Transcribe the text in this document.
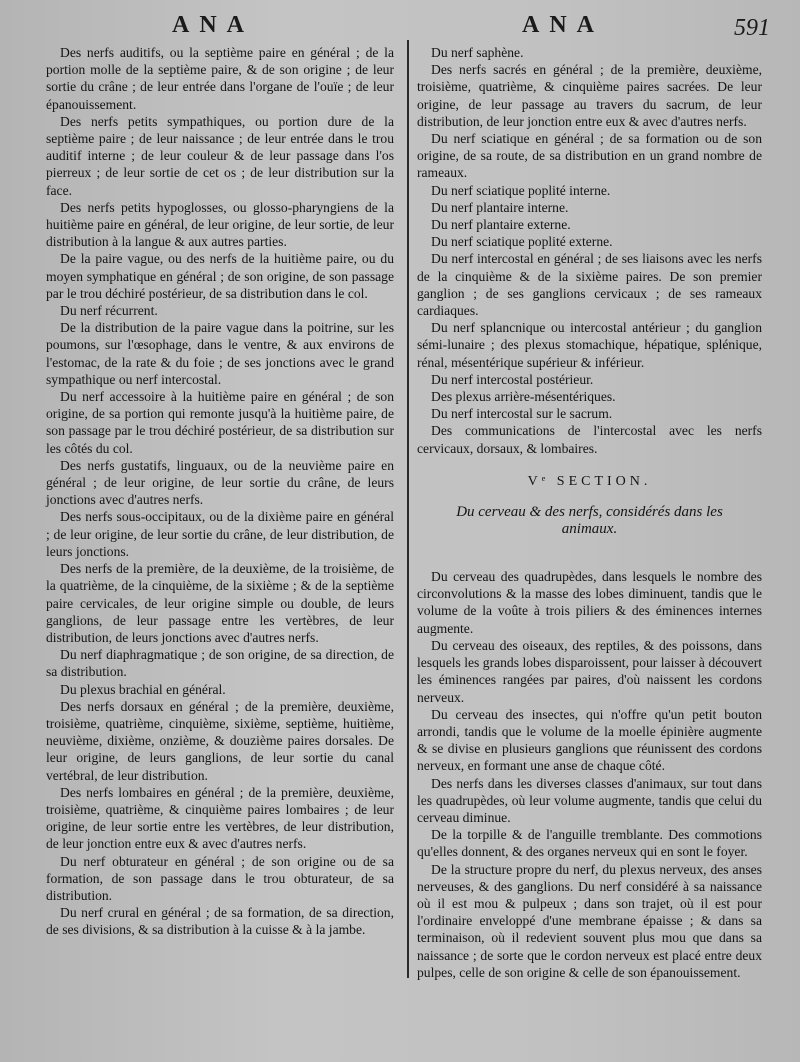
ANA	ANA	591

Des nerfs auditifs, ou la septième paire en général ; de la portion molle de la septième paire, & de son origine ; de leur sortie du crâne ; de leur entrée dans l'organe de l'ouïe ; de leur épanouissement.

Des nerfs petits sympathiques, ou portion dure de la septième paire ; de leur naissance ; de leur entrée dans le trou auditif interne ; de leur couleur & de leur passage dans l'os pierreux ; de leur sortie de cet os ; de leur distribution sur la face.

Des nerfs petits hypoglosses, ou glosso-pharyngiens de la huitième paire en général, de leur origine, de leur sortie, de leur distribution à la langue & aux autres parties.

De la paire vague, ou des nerfs de la huitième paire, ou du moyen symphatique en général ; de son origine, de son passage par le trou déchiré postérieur, de sa distribution dans le col.

Du nerf récurrent.

De la distribution de la paire vague dans la poitrine, sur les poumons, sur l'œsophage, dans le ventre, & aux environs de l'estomac, de la rate & du foie ; de ses jonctions avec le grand sympathique ou nerf intercostal.

Du nerf accessoire à la huitième paire en général ; de son origine, de sa portion qui remonte jusqu'à la huitième paire, de son passage par le trou déchiré postérieur, de sa distribution sur les côtés du col.

Des nerfs gustatifs, linguaux, ou de la neuvième paire en général ; de leur origine, de leur sortie du crâne, de leurs jonctions avec d'autres nerfs.

Des nerfs sous-occipitaux, ou de la dixième paire en général ; de leur origine, de leur sortie du crâne, de leur distribution, de leurs jonctions.

Des nerfs de la première, de la deuxième, de la troisième, de la quatrième, de la cinquième, de la sixième ; & de la septième paire cervicales, de leur origine simple ou double, de leurs ganglions, de leur passage entre les vertèbres, de leur distribution, de leurs jonctions avec d'autres nerfs.

Du nerf diaphragmatique ; de son origine, de sa direction, de sa distribution.

Du plexus brachial en général.

Des nerfs dorsaux en général ; de la première, deuxième, troisième, quatrième, cinquième, sixième, septième, huitième, neuvième, dixième, onzième, & douzième paires dorsales. De leur origine, de leurs ganglions, de leur sortie du canal vertébral, de leur distribution.

Des nerfs lombaires en général ; de la première, deuxième, troisième, quatrième, & cinquième paires lombaires ; de leur origine, de leur sortie entre les vertèbres, de leur distribution, de leur jonction entre eux & avec d'autres nerfs.

Du nerf obturateur en général ; de son origine ou de sa formation, de son passage dans le trou obturateur, de sa distribution.

Du nerf crural en général ; de sa formation, de sa direction, de ses divisions, & sa distribution à la cuisse & à la jambe.

Du nerf saphène.

Des nerfs sacrés en général ; de la première, deuxième, troisième, quatrième, & cinquième paires sacrées. De leur origine, de leur passage au travers du sacrum, de leur distribution, de leur jonction entre eux & avec d'autres nerfs.

Du nerf sciatique en général ; de sa formation ou de son origine, de sa route, de sa distribution en un grand nombre de rameaux.

Du nerf sciatique poplité interne.

Du nerf plantaire interne.

Du nerf plantaire externe.

Du nerf sciatique poplité externe.

Du nerf intercostal en général ; de ses liaisons avec les nerfs de la cinquième & de la sixième paires. De son premier ganglion ; de ses ganglions cervicaux ; de ses rameaux cardiaques.

Du nerf splancnique ou intercostal antérieur ; du ganglion sémi-lunaire ; des plexus stomachique, hépatique, splénique, rénal, mésentérique supérieur & inférieur.

Du nerf intercostal postérieur.

Des plexus arrière-mésentériques.

Du nerf intercostal sur le sacrum.

Des communications de l'intercostal avec les nerfs cervicaux, dorsaux, & lombaires.

Vᵉ SECTION.

Du cerveau & des nerfs, considérés dans les animaux.

Du cerveau des quadrupèdes, dans lesquels le nombre des circonvolutions & la masse des lobes diminuent, tandis que le volume de la voûte à trois piliers & des éminences internes augmente.

Du cerveau des oiseaux, des reptiles, & des poissons, dans lesquels les grands lobes disparoissent, pour laisser à découvert les éminences rangées par paires, d'où naissent les cordons nerveux.

Du cerveau des insectes, qui n'offre qu'un petit bouton arrondi, tandis que le volume de la moelle épinière augmente & se divise en plusieurs ganglions que réunissent des cordons nerveux, en formant une anse de chaque côté.

Des nerfs dans les diverses classes d'animaux, sur tout dans les quadrupèdes, où leur volume augmente, tandis que celui du cerveau diminue.

De la torpille & de l'anguille tremblante. Des commotions qu'elles donnent, & des organes nerveux qui en sont le foyer.

De la structure propre du nerf, du plexus nerveux, des anses nerveuses, & des ganglions. Du nerf considéré à sa naissance où il est mou & pulpeux ; dans son trajet, où il est pour l'ordinaire enveloppé d'une membrane épaisse ; & dans sa terminaison, où il redevient souvent plus mou que dans sa naissance ; de sorte que le cordon nerveux est placé entre deux pulpes, celle de son origine & celle de son épanouissement.
